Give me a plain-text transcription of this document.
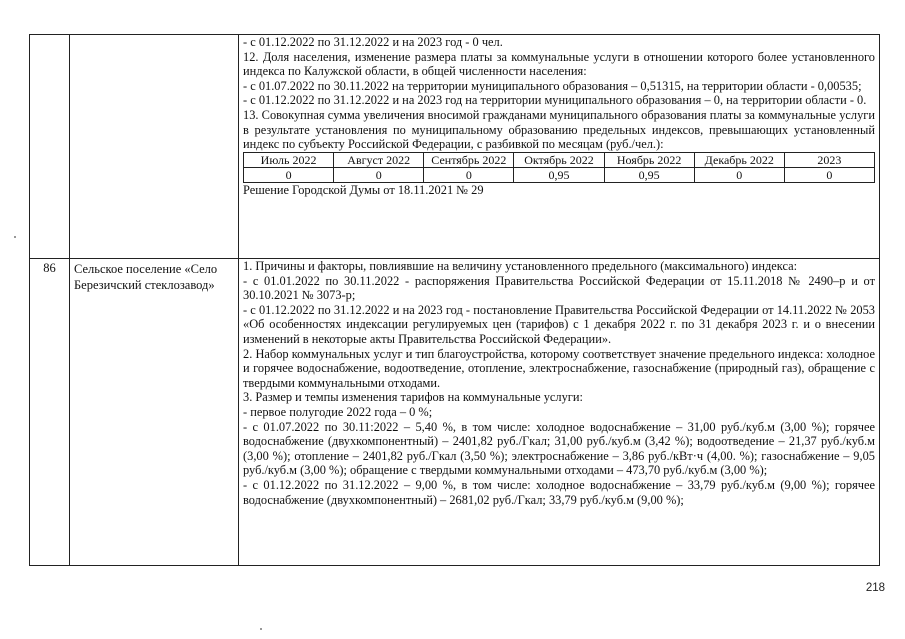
- с 01.12.2022 по 31.12.2022 и на 2023 год - 0 чел.

12. Доля населения, изменение размера платы за коммунальные услуги в отношении которого более установленного индекса по Калужской области, в общей численности населения:

- с 01.07.2022 по 30.11.2022 на территории муниципального образования – 0,51315, на территории области - 0,00535;

- с 01.12.2022 по 31.12.2022 и на 2023 год на территории муниципального образования – 0, на территории области - 0.

13. Совокупная сумма увеличения вносимой гражданами муниципального образования платы за коммунальные услуги в результате установления по муниципальному образованию предельных индексов, превышающих установленный индекс по субъекту Российской Федерации, с разбивкой по месяцам (руб./чел.):

Июль 2022	Август 2022	Сентябрь 2022	Октябрь 2022	Ноябрь 2022	Декабрь 2022	2023
0	0	0	0,95	0,95	0	0

Решение Городской Думы от 18.11.2021 № 29

86	Сельское поселение «Село Березичский стеклозавод»	

1. Причины и факторы, повлиявшие на величину установленного предельного (максимального) индекса:

- с 01.01.2022 по 30.11.2022 - распоряжения Правительства Российской Федерации от 15.11.2018 № 2490–р и от 30.10.2021 № 3073-р;

- с 01.12.2022 по 31.12.2022 и на 2023 год - постановление Правительства Российской Федерации от 14.11.2022 № 2053 «Об особенностях индексации регулируемых цен (тарифов) с 1 декабря 2022 г. по 31 декабря 2023 г. и о внесении изменений в некоторые акты Правительства Российской Федерации».

2. Набор коммунальных услуг и тип благоустройства, которому соответствует значение предельного индекса: холодное и горячее водоснабжение, водоотведение, отопление, электроснабжение, газоснабжение (природный газ), обращение с твердыми коммунальными отходами.

3. Размер и темпы изменения тарифов на коммунальные услуги:

- первое полугодие 2022 года – 0 %;

- с 01.07.2022 по 30.11:2022 – 5,40 %, в том числе: холодное водоснабжение – 31,00 руб./куб.м (3,00 %); горячее водоснабжение (двухкомпонентный) – 2401,82 руб./Гкал; 31,00 руб./куб.м (3,42 %); водоотведение – 21,37 руб./куб.м (3,00 %); отопление – 2401,82 руб./Гкал (3,50 %); электроснабжение – 3,86 руб./кВт·ч (4,00. %); газоснабжение – 9,05 руб./куб.м (3,00 %); обращение с твердыми коммунальными отходами – 473,70 руб./куб.м (3,00 %);

- с 01.12.2022 по 31.12.2022 – 9,00 %, в том числе: холодное водоснабжение – 33,79 руб./куб.м (9,00 %); горячее водоснабжение (двухкомпонентный) – 2681,02 руб./Гкал; 33,79 руб./куб.м (9,00 %);

218
